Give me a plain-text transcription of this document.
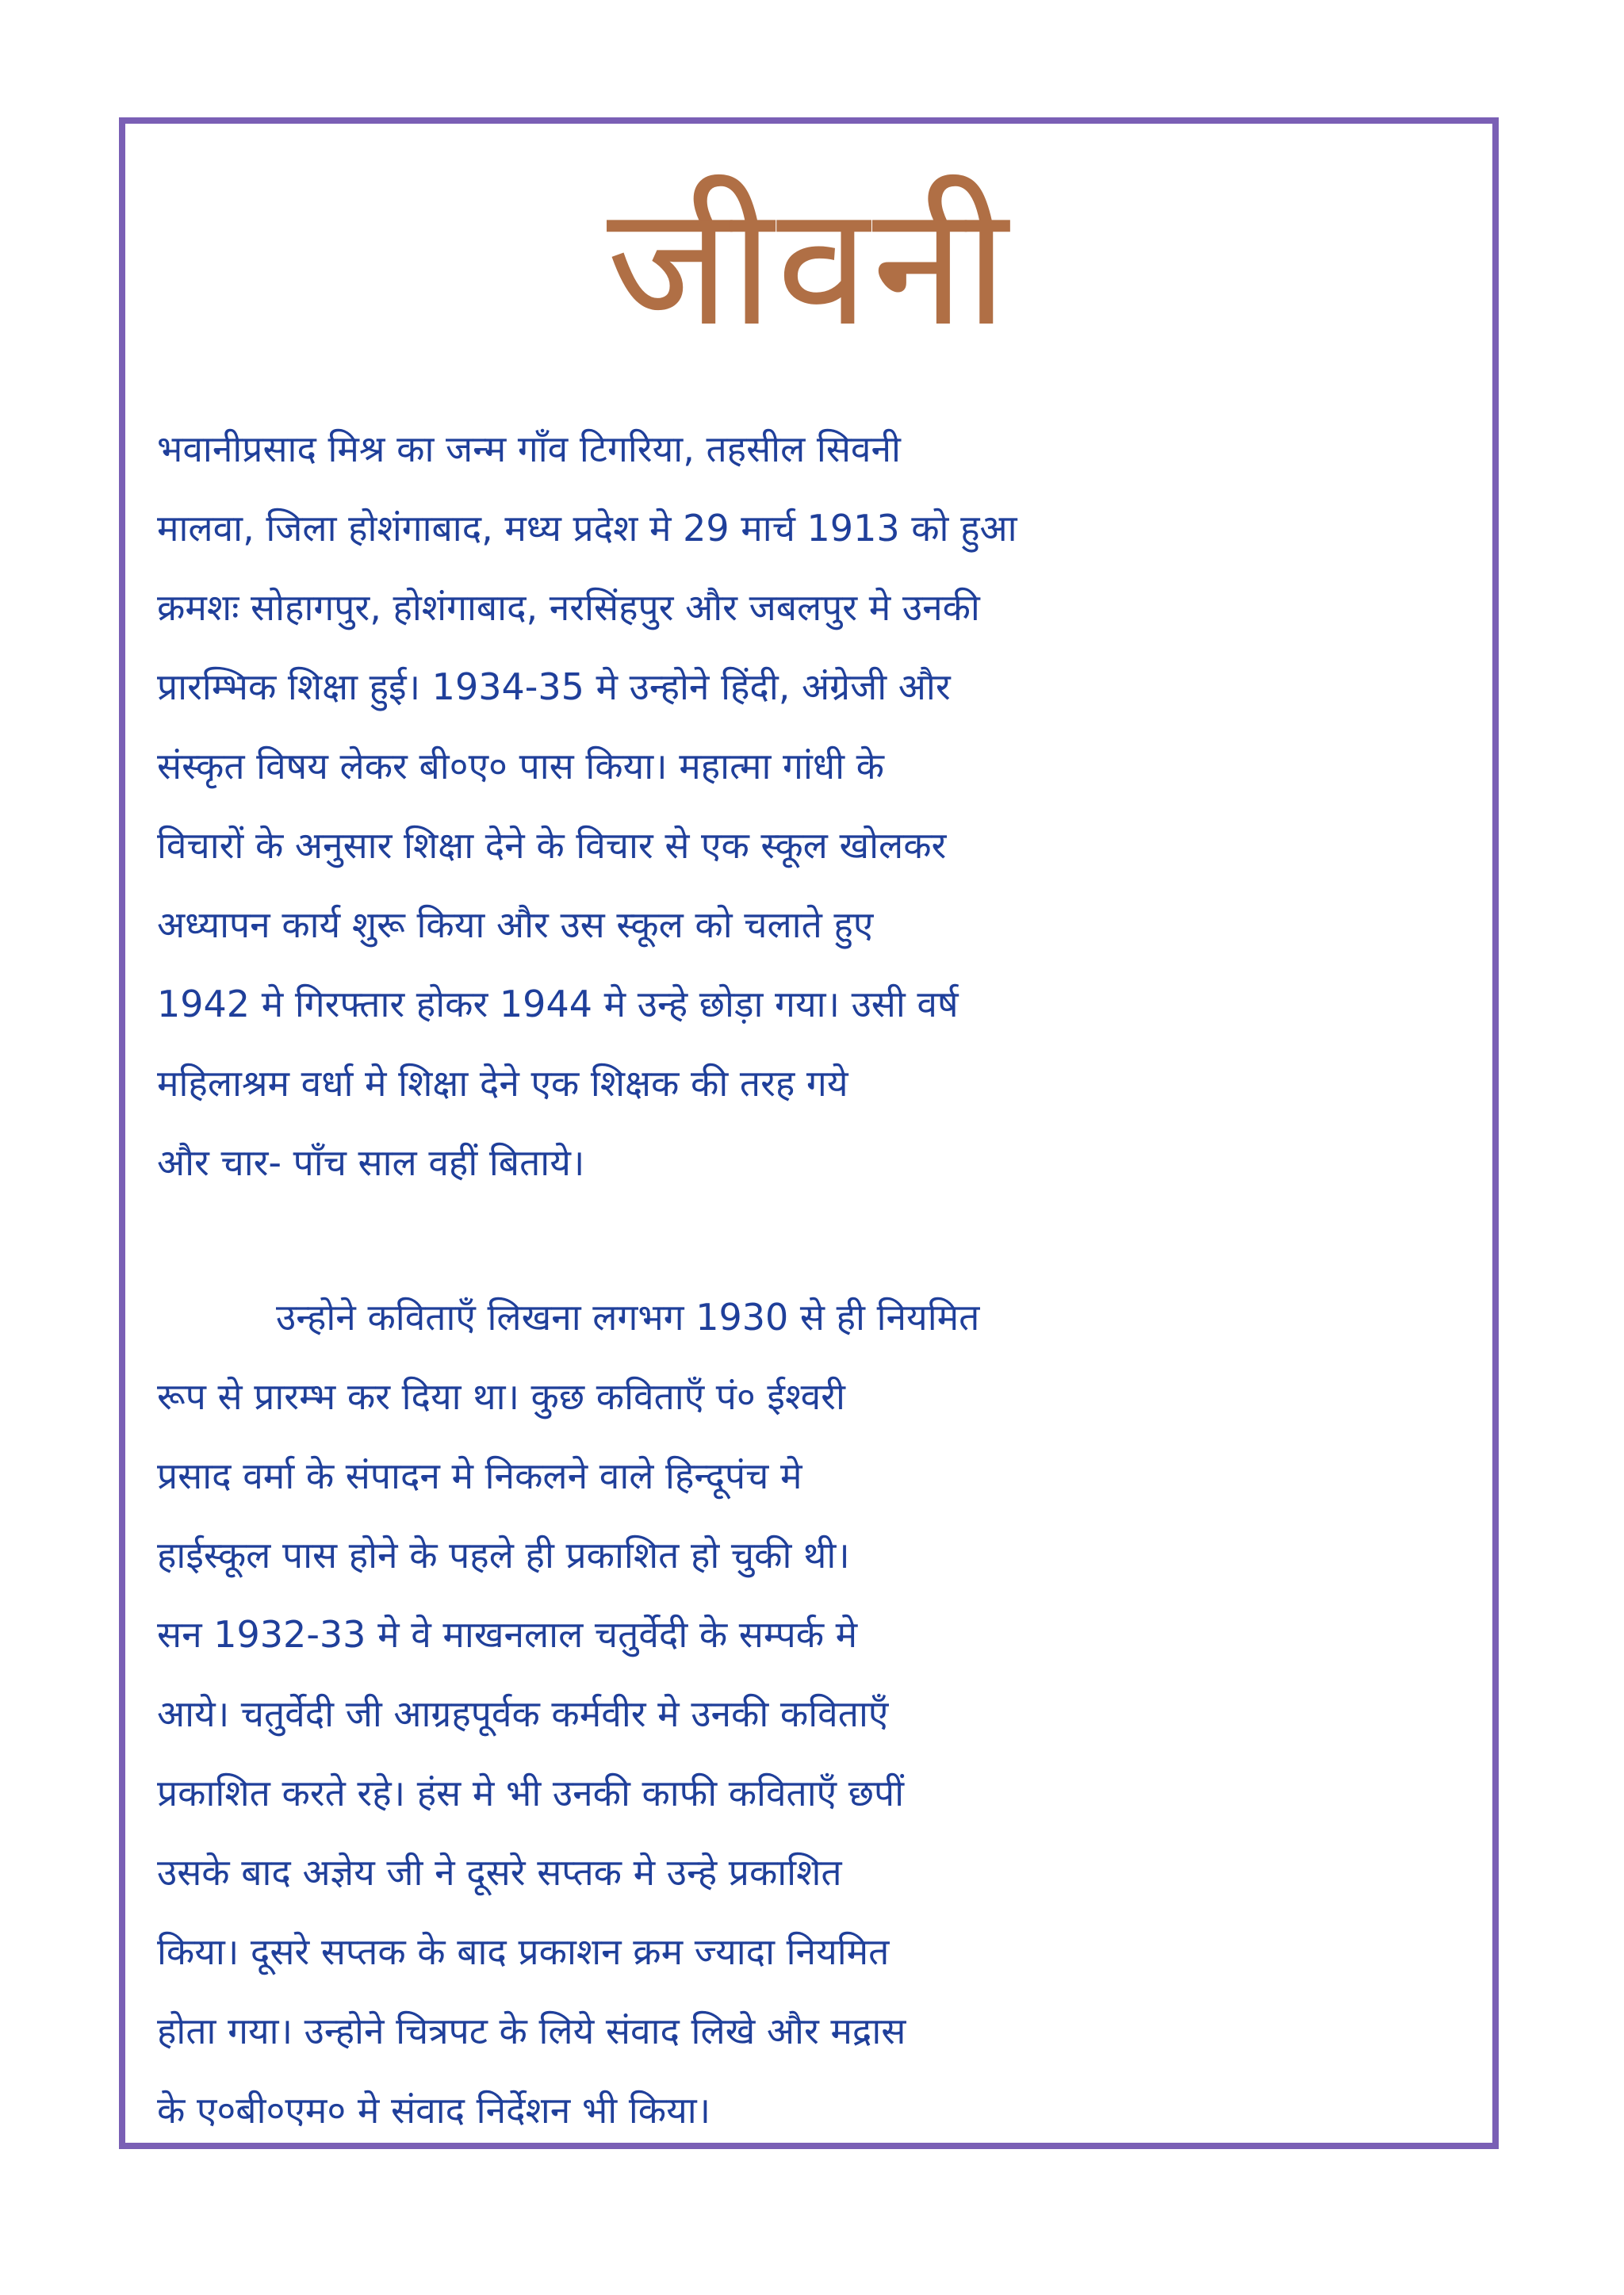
जीवनी
भवानीप्रसाद मिश्र का जन्म गाँव टिगरिया, तहसील सिवनी
मालवा, जिला होशंगाबाद, मध्य प्रदेश मे 29 मार्च 1913 को हुआ
क्रमशः सोहागपुर, होशंगाबाद, नरसिंहपुर और जबलपुर मे उनकी
प्रारम्भिक शिक्षा हुई। 1934-35 मे उन्होने हिंदी, अंग्रेजी और
संस्कृत विषय लेकर बी०ए० पास किया। महात्मा गांधी के
विचारों के अनुसार शिक्षा देने के विचार से एक स्कूल खोलकर
अध्यापन कार्य शुरू किया और उस स्कूल को चलाते हुए
1942 मे गिरफ्तार होकर 1944 मे उन्हे छोड़ा गया। उसी वर्ष
महिलाश्रम वर्धा मे शिक्षा देने एक शिक्षक की तरह गये
और चार- पाँच साल वहीं बिताये।
उन्होने कविताएँ लिखना लगभग 1930 से ही नियमित
रूप से प्रारम्भ कर दिया था। कुछ कविताएँ पं० ईश्वरी
प्रसाद वर्मा के संपादन मे निकलने वाले हिन्दूपंच मे
हाईस्कूल पास होने के पहले ही प्रकाशित हो चुकी थी।
सन 1932-33 मे वे माखनलाल चतुर्वेदी के सम्पर्क मे
आये। चतुर्वेदी जी आग्रहपूर्वक कर्मवीर मे उनकी कविताएँ
प्रकाशित करते रहे। हंस मे भी उनकी काफी कविताएँ छपीं
उसके बाद अज्ञेय जी ने दूसरे सप्तक मे उन्हे प्रकाशित
किया। दूसरे सप्तक के बाद प्रकाशन क्रम ज्यादा नियमित
होता गया। उन्होने चित्रपट के लिये संवाद लिखे और मद्रास
के ए०बी०एम० मे संवाद निर्देशन भी किया।
